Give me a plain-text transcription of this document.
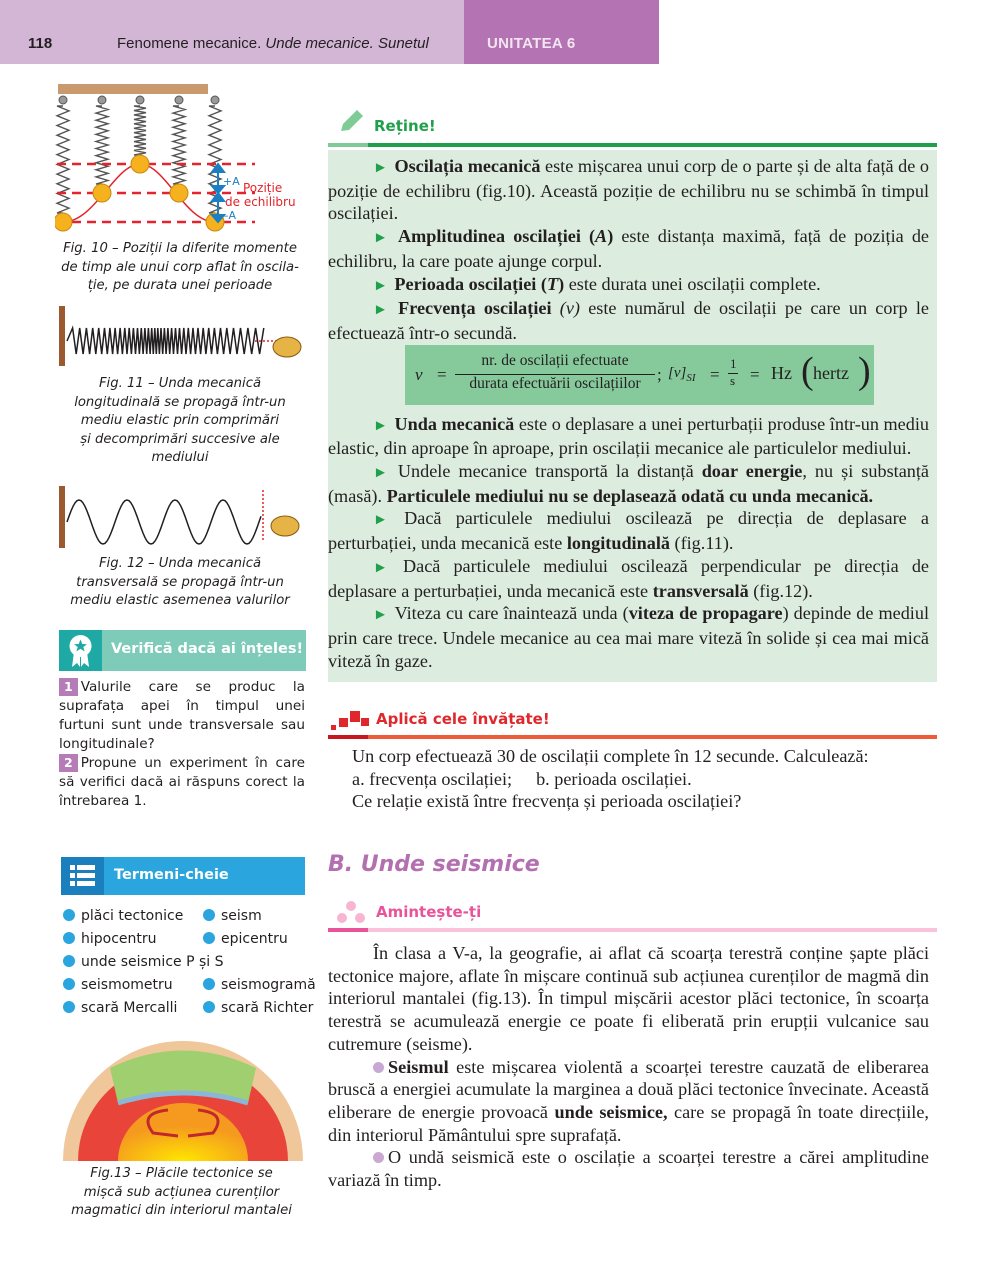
118	Fenomene mecanice. Unde mecanice. Sunetul	UNITATEA 6
+A
–A
Poziție
de echilibru
Fig. 10 – Poziții la diferite momente
de timp ale unui corp aflat în oscila-
ție, pe durata unei perioade
Fig. 11 – Unda mecanică
longitudinală se propagă într-un
mediu elastic prin comprimări
și decomprimări succesive ale
mediului
Fig. 12 – Unda mecanică
transversală se propagă într-un
mediu elastic asemenea valurilor
Verifică dacă ai înțeles!
1 Valurile care se produc la suprafața apei în timpul unei furtuni sunt unde transversale sau longitudinale?
2 Propune un experiment în care să verifici dacă ai răspuns corect la întrebarea 1.
Termeni-cheie
plăci tectonice	seism
hipocentru	epicentru
unde seismice P și S
seismometru	seismogramă
scară Mercalli	scară Richter
Fig.13 – Plăcile tectonice se
mișcă sub acțiunea curenților
magmatici din interiorul mantalei
Reține!

► Oscilația mecanică este mișcarea unui corp de o parte și de alta față de o poziție de echilibru (fig.10). Această poziție de echilibru nu se schimbă în timpul oscilației.

► Amplitudinea oscilației (A) este distanța maximă, față de poziția de echilibru, la care poate ajunge corpul.

► Perioada oscilației (T) este durata unei oscilații complete.

► Frecvența oscilației (ν) este numărul de oscilații pe care un corp le efectuează într-o secundă.

► Unda mecanică este o deplasare a unei perturbații produse într-un mediu elastic, din aproape în aproape, prin oscilații mecanice ale particulelor mediului.

► Undele mecanice transportă la distanță doar energie, nu și substanță (masă). Particulele mediului nu se deplasează odată cu unda mecanică.

► Dacă particulele mediului oscilează pe direcția de deplasare a perturbației, unda mecanică este longitudinală (fig.11).

► Dacă particulele mediului oscilează perpendicular pe direcția de deplasare a perturbației, unda mecanică este transversală (fig.12).

► Viteza cu care înaintează unda (viteza de propagare) depinde de mediul prin care trece. Undele mecanice au cea mai mare viteză în solide și cea mai mică viteză în gaze.

ν =
nr. de oscilații efectuate
durata efectuării oscilațiilor ; $[\nu]_{SI}$ =
1
s = Hz ( hertz )
Aplică cele învățate!
Un corp efectuează 30 de oscilații complete în 12 secunde. Calculează:
a. frecvența oscilației; b. perioada oscilației.
Ce relație există între frecvența și perioada oscilației?
B. Unde seismice
Amintește-ți

În clasa a V-a, la geografie, ai aflat că scoarța terestră conține șapte plăci tectonice majore, aflate în mișcare continuă sub acțiunea curenților de magmă din interiorul mantalei (fig.13). În timpul mișcării acestor plăci tectonice, în scoarța terestră se acumulează energie ce poate fi eliberată prin erupții vulcanice sau cutremure (seisme).

Seismul este mișcarea violentă a scoarței terestre cauzată de eliberarea bruscă a energiei acumulate la marginea a două plăci tectonice învecinate. Această eliberare de energie provoacă unde seismice, care se propagă în toate direcțiile, din interiorul Pământului spre suprafață.

O undă seismică este o oscilație a scoarței terestre a cărei amplitudine variază în timp.
